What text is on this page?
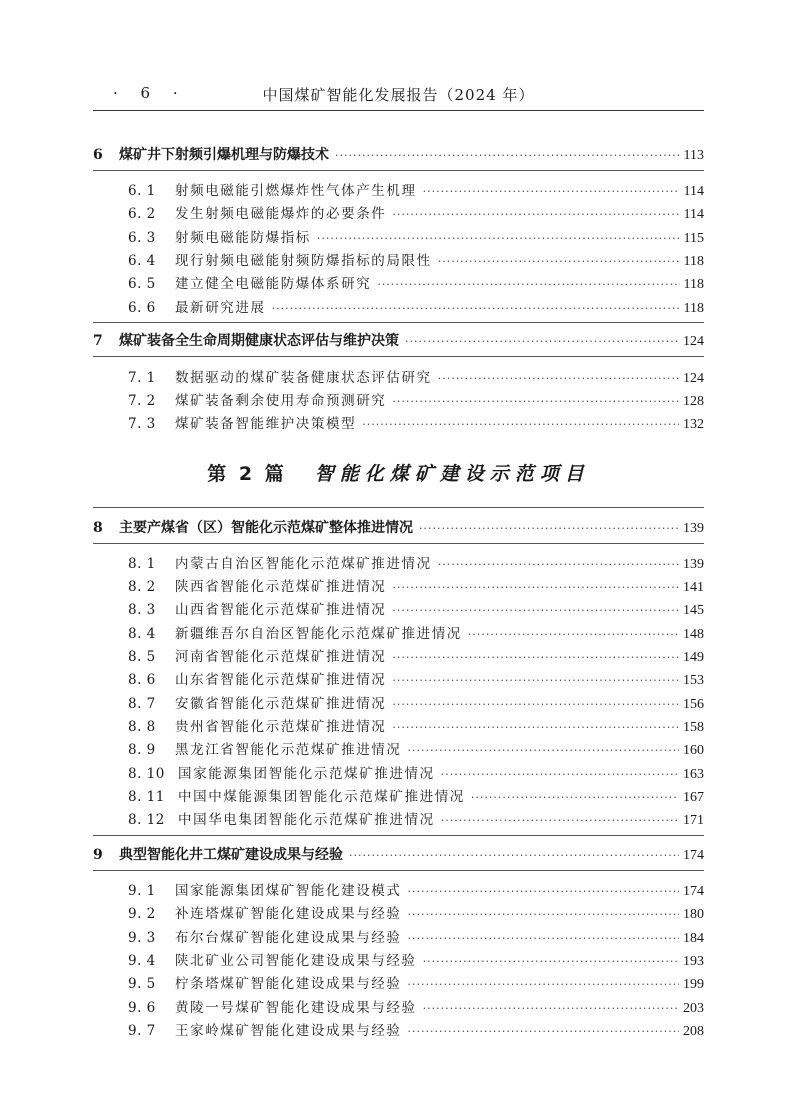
· 6 ·	中国煤矿智能化发展报告（2024 年）
6	煤矿井下射频引爆机理与防爆技术 ·····	113
6. 1	射频电磁能引燃爆炸性气体产生机理 ·····	114
6. 2	发生射频电磁能爆炸的必要条件 ·····	114
6. 3	射频电磁能防爆指标 ·····	115
6. 4	现行射频电磁能射频防爆指标的局限性 ·····	118
6. 5	建立健全电磁能防爆体系研究 ·····	118
6. 6	最新研究进展 ·····	118
7	煤矿装备全生命周期健康状态评估与维护决策 ·····	124
7. 1	数据驱动的煤矿装备健康状态评估研究 ·····	124
7. 2	煤矿装备剩余使用寿命预测研究 ·····	128
7. 3	煤矿装备智能维护决策模型 ·····	132
第 2 篇 智能化煤矿建设示范项目
8	主要产煤省（区）智能化示范煤矿整体推进情况 ·····	139
8. 1	内蒙古自治区智能化示范煤矿推进情况 ·····	139
8. 2	陕西省智能化示范煤矿推进情况 ·····	141
8. 3	山西省智能化示范煤矿推进情况 ·····	145
8. 4	新疆维吾尔自治区智能化示范煤矿推进情况 ·····	148
8. 5	河南省智能化示范煤矿推进情况 ·····	149
8. 6	山东省智能化示范煤矿推进情况 ·····	153
8. 7	安徽省智能化示范煤矿推进情况 ·····	156
8. 8	贵州省智能化示范煤矿推进情况 ·····	158
8. 9	黑龙江省智能化示范煤矿推进情况 ·····	160
8. 10 国家能源集团智能化示范煤矿推进情况 ·····	163
8. 11 中国中煤能源集团智能化示范煤矿推进情况 ·····	167
8. 12 中国华电集团智能化示范煤矿推进情况 ·····	171
9	典型智能化井工煤矿建设成果与经验 ·····	174
9. 1	国家能源集团煤矿智能化建设模式 ·····	174
9. 2	补连塔煤矿智能化建设成果与经验 ·····	180
9. 3	布尔台煤矿智能化建设成果与经验 ·····	184
9. 4	陕北矿业公司智能化建设成果与经验 ·····	193
9. 5	柠条塔煤矿智能化建设成果与经验 ·····	199
9. 6	黄陵一号煤矿智能化建设成果与经验 ·····	203
9. 7	王家岭煤矿智能化建设成果与经验 ·····	208
